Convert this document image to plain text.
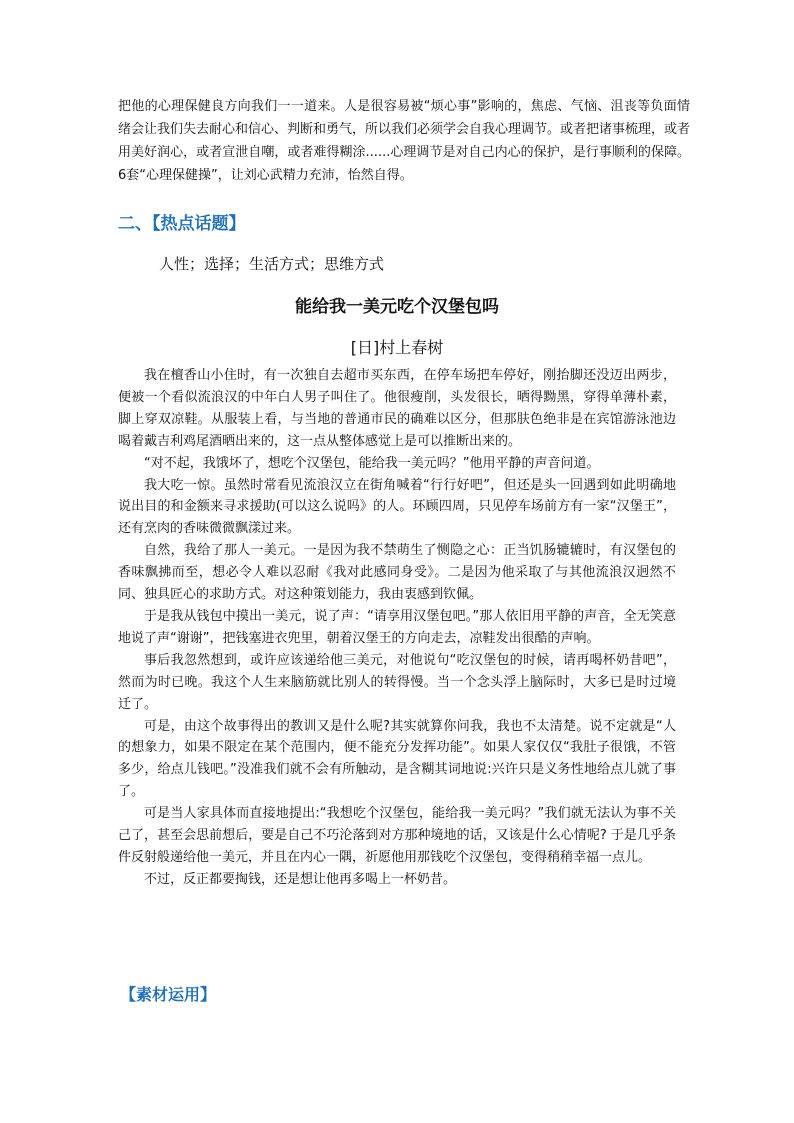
把他的心理保健良方向我们一一道来。人是很容易被“烦心事”影响的，焦虑、气恼、沮丧等负面情绪会让我们失去耐心和信心、判断和勇气，所以我们必须学会自我心理调节。或者把诸事梳理，或者用美好润心，或者宣泄自嘲，或者难得糊涂......心理调节是对自己内心的保护，是行事顺利的保障。6套“心理保健操”，让刘心武精力充沛，怡然自得。

二、【热点话题】

人性；选择；生活方式；思维方式

能给我一美元吃个汉堡包吗
[日]村上春树

我在檀香山小住时，有一次独自去超市买东西，在停车场把车停好，刚抬脚还没迈出两步，便被一个看似流浪汉的中年白人男子叫住了。他很瘦削，头发很长，晒得黝黑，穿得单薄朴素，脚上穿双凉鞋。从服装上看，与当地的普通市民的确难以区分，但那肤色绝非是在宾馆游泳池边喝着戴吉利鸡尾酒晒出来的，这一点从整体感觉上是可以推断出来的。

“对不起，我饿坏了，想吃个汉堡包，能给我一美元吗？”他用平静的声音问道。

我大吃一惊。虽然时常看见流浪汉立在街角喊着“行行好吧”，但还是头一回遇到如此明确地说出目的和金额来寻求援助(可以这么说吗》的人。环顾四周，只见停车场前方有一家“汉堡王”，还有烹肉的香味微微飘漾过来。

自然，我给了那人一美元。一是因为我不禁萌生了恻隐之心：正当饥肠辘辘时，有汉堡包的香味飘拂而至，想必令人难以忍耐《我对此感同身受》。二是因为他采取了与其他流浪汉迥然不同、独具匠心的求助方式。对这种策划能力，我由衷感到钦佩。

于是我从钱包中摸出一美元，说了声：“请享用汉堡包吧。”那人依旧用平静的声音，全无笑意地说了声“谢谢”，把钱塞进衣兜里，朝着汉堡王的方向走去，凉鞋发出很酷的声响。

事后我忽然想到，或许应该递给他三美元，对他说句“吃汉堡包的时候，请再喝杯奶昔吧”，然而为时已晚。我这个人生来脑筋就比别人的转得慢。当一个念头浮上脑际时，大多已是时过境迁了。

可是，由这个故事得出的教训又是什么呢?其实就算你问我，我也不太清楚。说不定就是“人的想象力，如果不限定在某个范围内，便不能充分发挥功能”。如果人家仅仅“我肚子很饿，不管多少，给点儿钱吧。”没准我们就不会有所触动，是含糊其词地说:兴许只是义务性地给点儿就了事了。

可是当人家具体而直接地提出:“我想吃个汉堡包，能给我一美元吗？”我们就无法认为事不关己了，甚至会思前想后，要是自己不巧沦落到对方那种境地的话，又该是什么心情呢? 于是几乎条件反射般递给他一美元，并且在内心一隅，祈愿他用那钱吃个汉堡包，变得稍稍幸福一点儿。

不过，反正都要掏钱，还是想让他再多喝上一杯奶昔。

【素材运用】
